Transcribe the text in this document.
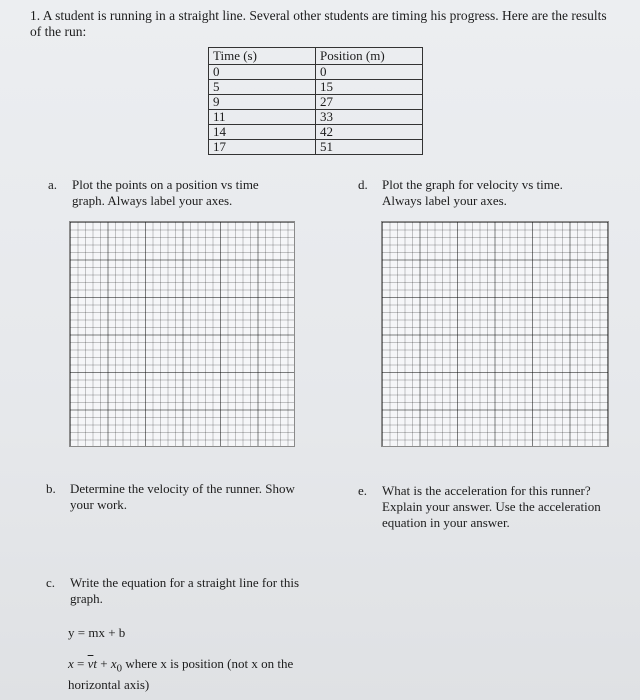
1. A student is running in a straight line. Several other students are timing his progress. Here are the results of the run:
Time (s)	Position (m)
0	0
5	15
9	27
11	33
14	42
17	51
a. Plot the points on a position vs time graph. Always label your axes.
d. Plot the graph for velocity vs time. Always label your axes.
b. Determine the velocity of the runner. Show your work.
e. What is the acceleration for this runner? Explain your answer. Use the acceleration equation in your answer.
c. Write the equation for a straight line for this graph.
y = mx + b
$x = \overline{v}t + x_0$ where x is position (not x on the horizontal axis)
